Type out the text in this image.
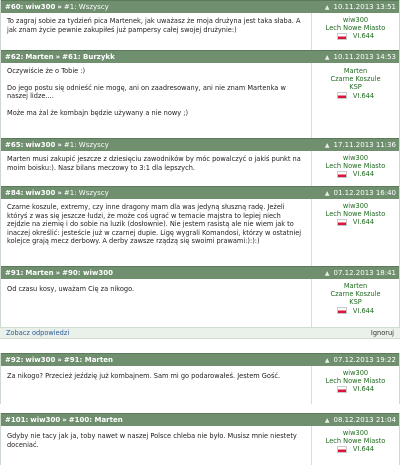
#60: wiw300 » #1: Wszyscy	▲ 10.11.2013 13:51

To zagraj sobie za tydzień pica Martenek, jak uważasz że moja drużyna jest taka słaba. A jak znam życie pewnie zakupiłeś już pampersy całej swojej drużynie:)

wiw300
Lech Nowe Miasto
VI.644
#62: Marten » #61: Burzykk	▲ 10.11.2013 14:53

Oczywiście że o Tobie :)

Do jego postu się odnieść nie mogę, ani on zaadresowany, ani nie znam Martenka w naszej lidze....

Może ma żal że kombajn będzie używany a nie nowy ;)

Marten
Czarne Koszule
KSP
VI.644
#65: wiw300 » #1: Wszyscy	▲ 17.11.2013 11:36

Marten musi zakupić jeszcze z dziesięciu zawodników by móc powalczyć o jakiś punkt na moim boisku:). Nasz bilans meczowy to 3:1 dla lepszych.

wiw300
Lech Nowe Miasto
VI.644
#84: wiw300 » #1: Wszyscy	▲ 01.12.2013 16:40

Czarne koszule, extremy, czy inne dragony mam dla was jedyną słuszną radę. Jeżeli któryś z was się jeszcze łudzi, że może coś ugrać w temacie majstra to lepiej niech zejdzie na ziemię i do sobie na luzik (dosłownie). Nie jestem rasistą ale nie wiem jak to inaczej określić: jesteście już w czarnej dupie. Ligę wygrali Komandosi, którzy w ostatniej kolejce grają mecz derbowy. A derby zawsze rządzą się swoimi prawami:):):)

wiw300
Lech Nowe Miasto
VI.644
#91: Marten » #90: wiw300	▲ 07.12.2013 18:41

Od czasu kosy, uważam Cię za nikogo.	Marten
Czarne Koszule
KSP
VI.644
Zobacz odpowiedzi	Ignoruj
#92: wiw300 » #91: Marten	▲ 07.12.2013 19:22

Za nikogo? Przecież jeździę już kombajnem. Sam mi go podarowałeś. Jestem Gość.	wiw300
Lech Nowe Miasto
VI.644
#101: wiw300 » #100: Marten	▲ 08.12.2013 21:04

Gdyby nie tacy jak ja, toby nawet w naszej Polsce chleba nie było. Musisz mnie niestety doceniać.

wiw300
Lech Nowe Miasto
VI.644
